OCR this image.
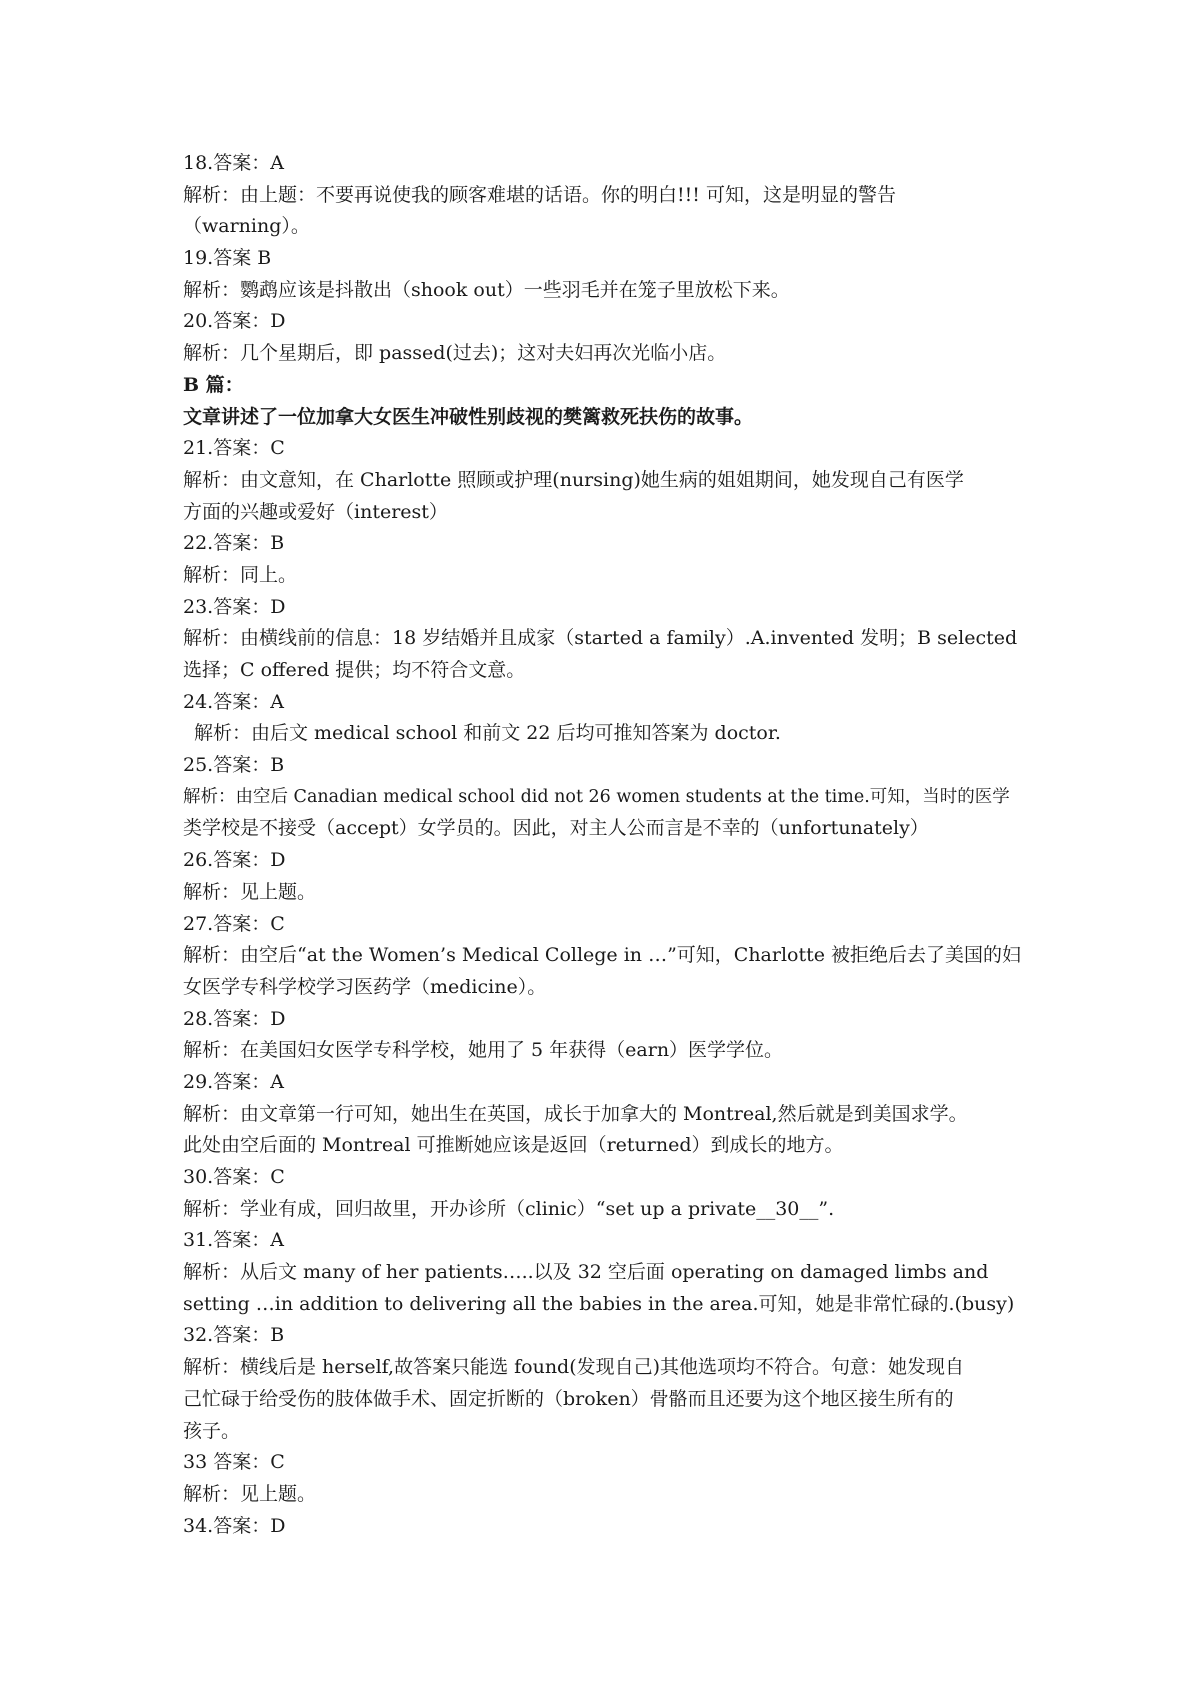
18.答案：A
解析：由上题：不要再说使我的顾客难堪的话语。你的明白!!! 可知，这是明显的警告
（warning）。
19.答案 B
解析：鹦鹉应该是抖散出（shook out）一些羽毛并在笼子里放松下来。
20.答案：D
解析：几个星期后，即 passed(过去)；这对夫妇再次光临小店。
B 篇：
文章讲述了一位加拿大女医生冲破性别歧视的樊篱救死扶伤的故事。
21.答案：C
解析：由文意知，在 Charlotte 照顾或护理(nursing)她生病的姐姐期间，她发现自己有医学
方面的兴趣或爱好（interest）
22.答案：B
解析：同上。
23.答案：D
解析：由横线前的信息：18 岁结婚并且成家（started a family）.A.invented 发明；B selected
选择；C offered 提供；均不符合文意。
24.答案：A
解析：由后文 medical school 和前文 22 后均可推知答案为 doctor.
25.答案：B
解析：由空后 Canadian medical school did not 26 women students at the time.可知，当时的医学
类学校是不接受（accept）女学员的。因此，对主人公而言是不幸的（unfortunately）
26.答案：D
解析：见上题。
27.答案：C
解析：由空后“at the Women’s Medical College in …”可知，Charlotte 被拒绝后去了美国的妇
女医学专科学校学习医药学（medicine）。
28.答案：D
解析：在美国妇女医学专科学校，她用了 5 年获得（earn）医学学位。
29.答案：A
解析：由文章第一行可知，她出生在英国，成长于加拿大的 Montreal,然后就是到美国求学。
此处由空后面的 Montreal 可推断她应该是返回（returned）到成长的地方。
30.答案：C
解析：学业有成，回归故里，开办诊所（clinic）“set up a private__30__”.
31.答案：A
解析：从后文 many of her patients…..以及 32 空后面 operating on damaged limbs and
setting …in addition to delivering all the babies in the area.可知，她是非常忙碌的.(busy)
32.答案：B
解析：横线后是 herself,故答案只能选 found(发现自己)其他选项均不符合。句意：她发现自
己忙碌于给受伤的肢体做手术、固定折断的（broken）骨骼而且还要为这个地区接生所有的
孩子。
33 答案：C
解析：见上题。
34.答案：D
